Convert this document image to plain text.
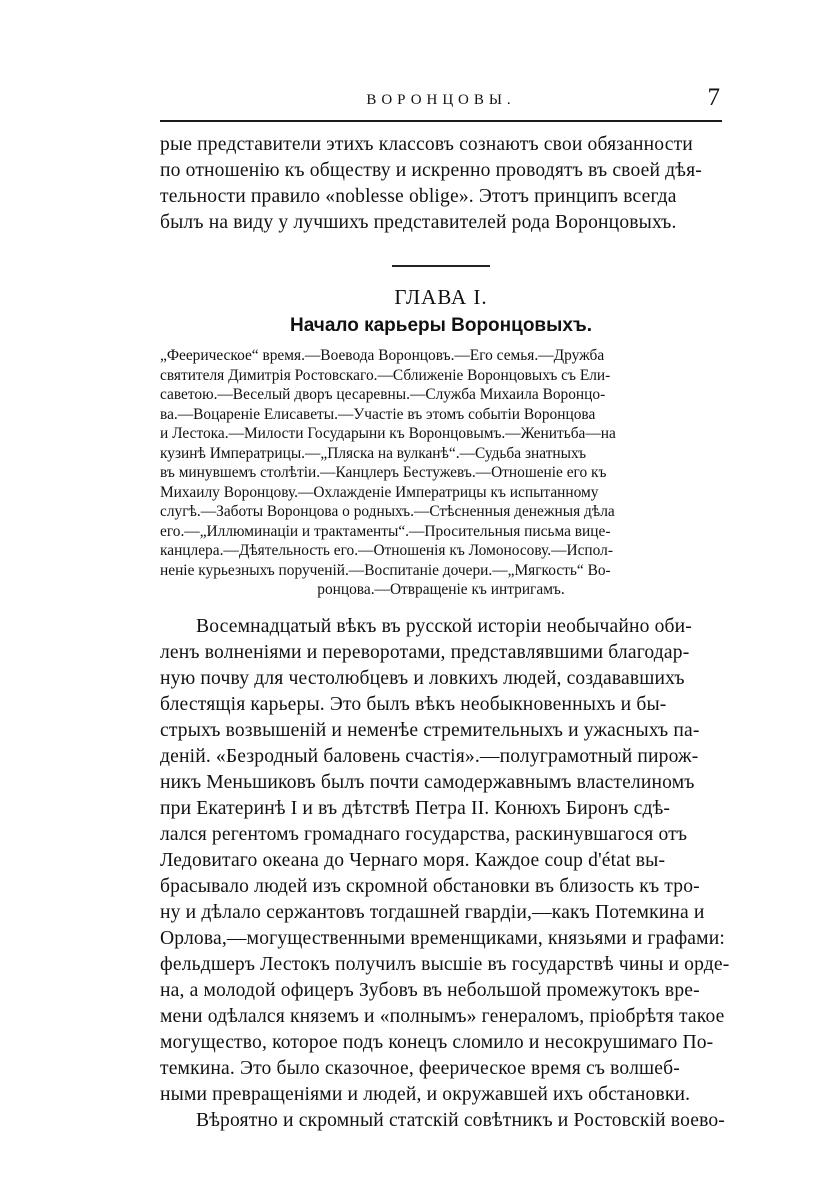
ВОРОНЦОВЫ.	7
рые представители этихъ классовъ сознаютъ свои обязанности
по отношенію къ обществу и искренно проводятъ въ своей дѣя-
тельности правило «noblesse oblige». Этотъ принципъ всегда
былъ на виду у лучшихъ представителей рода Воронцовыхъ.
ГЛАВА I.
Начало карьеры Воронцовыхъ.
„Феерическое“ время.—Воевода Воронцовъ.—Его семья.—Дружба
святителя Димитрія Ростовскаго.—Сближеніе Воронцовыхъ съ Ели-
саветою.—Веселый дворъ цесаревны.—Служба Михаила Воронцо-
ва.—Воцареніе Елисаветы.—Участіе въ этомъ событіи Воронцова
и Лестока.—Милости Государыни къ Воронцовымъ.—Женитьба—на
кузинѣ Императрицы.—„Пляска на вулканѣ“.—Судьба знатныхъ
въ минувшемъ столѣтіи.—Канцлеръ Бестужевъ.—Отношеніе его къ
Михаилу Воронцову.—Охлажденіе Императрицы къ испытанному
слугѣ.—Заботы Воронцова о родныхъ.—Стѣсненныя денежныя дѣла
его.—„Иллюминаціи и трактаменты“.—Просительныя письма вице-
канцлера.—Дѣятельность его.—Отношенія къ Ломоносову.—Испол-
неніе курьезныхъ порученій.—Воспитаніе дочери.—„Мягкость“ Во-
ронцова.—Отвращеніе къ интригамъ.
Восемнадцатый вѣкъ въ русской исторіи необычайно оби-
ленъ волненіями и переворотами, представлявшими благодар-
ную почву для честолюбцевъ и ловкихъ людей, создававшихъ
блестящія карьеры. Это былъ вѣкъ необыкновенныхъ и бы-
стрыхъ возвышеній и неменѣе стремительныхъ и ужасныхъ па-
деній. «Безродный баловень счастія».—полуграмотный пирож-
никъ Меньшиковъ былъ почти самодержавнымъ властелиномъ
при Екатеринѣ I и въ дѣтствѣ Петра II. Конюхъ Биронъ сдѣ-
лался регентомъ громаднаго государства, раскинувшагося отъ
Ледовитаго океана до Чернаго моря. Каждое coup d'état вы-
брасывало людей изъ скромной обстановки въ близость къ тро-
ну и дѣлало сержантовъ тогдашней гвардіи,—какъ Потемкина и
Орлова,—могущественными временщиками, князьями и графами:
фельдшеръ Лестокъ получилъ высшіе въ государствѣ чины и орде-
на, а молодой офицеръ Зубовъ въ небольшой промежутокъ вре-
мени одѣлался княземъ и «полнымъ» генераломъ, пріобрѣтя такое
могущество, которое подъ конецъ сломило и несокрушимаго По-
темкина. Это было сказочное, феерическое время съ волшеб-
ными превращеніями и людей, и окружавшей ихъ обстановки.
Вѣроятно и скромный статскій совѣтникъ и Ростовскій воево-
